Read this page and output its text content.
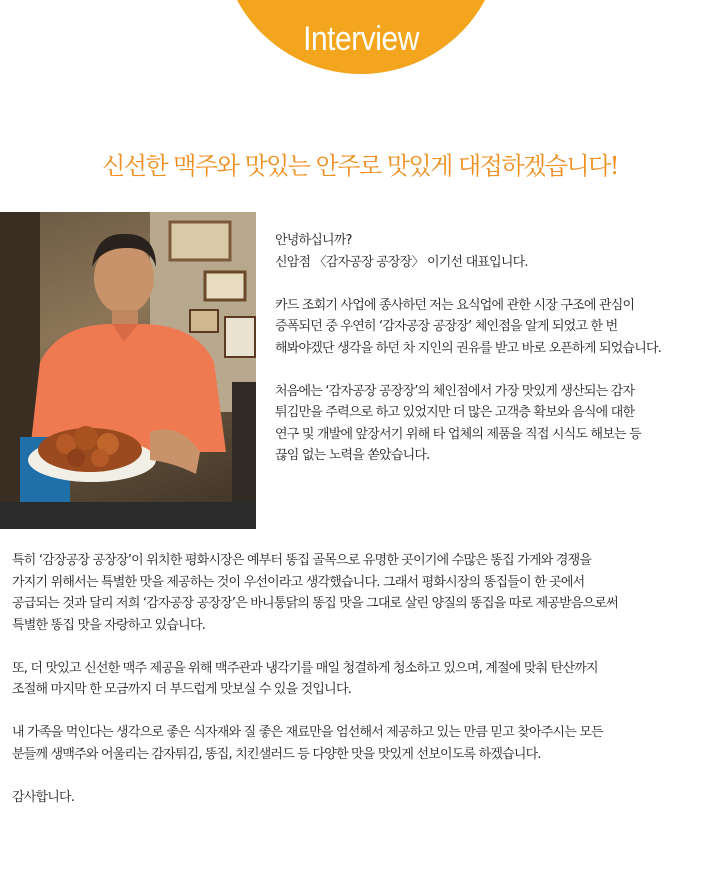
Interview
신선한 맥주와 맛있는 안주로 맛있게 대접하겠습니다!

안녕하십니까?
신암점 〈감자공장 공장장〉 이기선 대표입니다.

카드 조회기 사업에 종사하던 저는 요식업에 관한 시장 구조에 관심이
증폭되던 중 우연히 ‘감자공장 공장장’ 체인점을 알게 되었고 한 번
해봐야겠단 생각을 하던 차 지인의 권유를 받고 바로 오픈하게 되었습니다.

처음에는 ‘감자공장 공장장’의 체인점에서 가장 맛있게 생산되는 감자
튀김만을 주력으로 하고 있었지만 더 많은 고객층 확보와 음식에 대한
연구 및 개발에 앞장서기 위해 타 업체의 제품을 직접 시식도 해보는 등
끊임 없는 노력을 쏟았습니다.

특히 ‘감장공장 공장장’이 위치한 평화시장은 예부터 똥집 골목으로 유명한 곳이기에 수많은 똥집 가게와 경쟁을
가지기 위해서는 특별한 맛을 제공하는 것이 우선이라고 생각했습니다. 그래서 평화시장의 똥집들이 한 곳에서
공급되는 것과 달리 저희 ‘감자공장 공장장’은 바니통닭의 똥집 맛을 그대로 살린 양질의 똥집을 따로 제공받음으로써
특별한 똥집 맛을 자랑하고 있습니다.

또, 더 맛있고 신선한 맥주 제공을 위해 맥주관과 냉각기를 매일 청결하게 청소하고 있으며, 계절에 맞춰 탄산까지
조절해 마지막 한 모금까지 더 부드럽게 맛보실 수 있을 것입니다.

내 가족을 먹인다는 생각으로 좋은 식자재와 질 좋은 재료만을 엄선해서 제공하고 있는 만큼 믿고 찾아주시는 모든
분들께 생맥주와 어울리는 감자튀김, 똥집, 치킨샐러드 등 다양한 맛을 맛있게 선보이도록 하겠습니다.

감사합니다.
